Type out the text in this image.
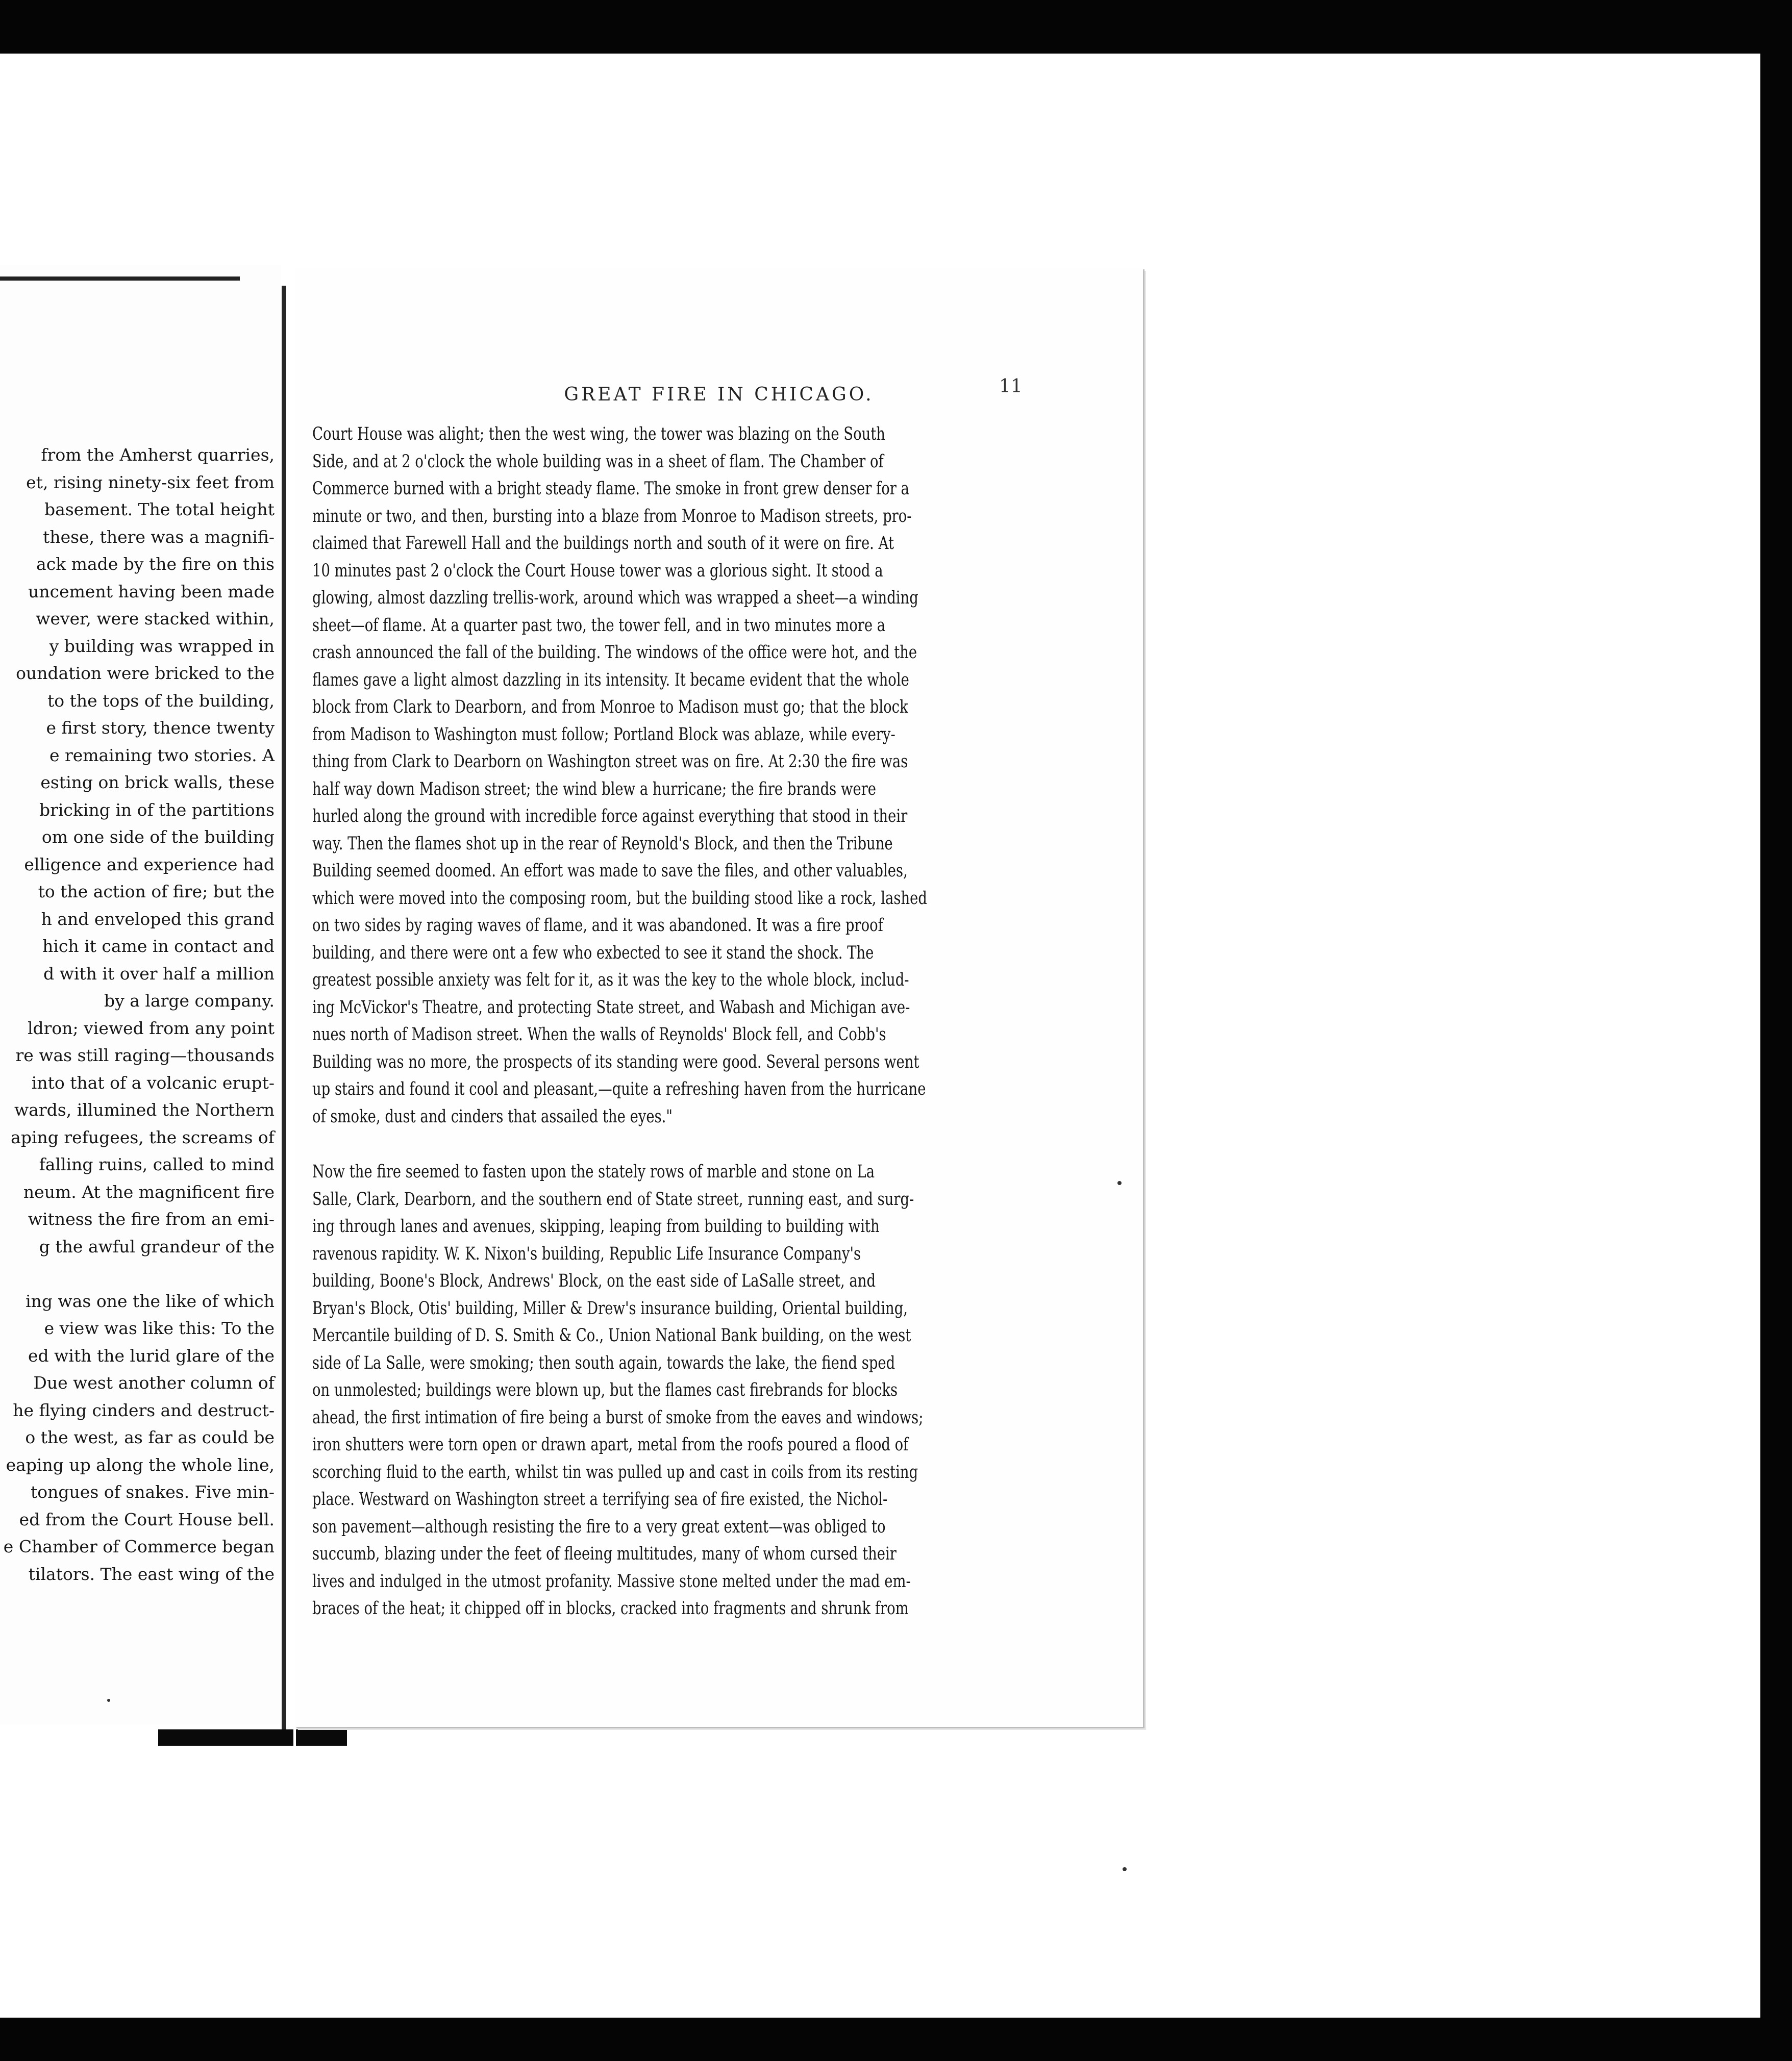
from the Amherst quarries,
et, rising ninety-six feet from
basement. The total height
these, there was a magnifi-
ack made by the fire on this
uncement having been made
wever, were stacked within,
y building was wrapped in
oundation were bricked to the
to the tops of the building,
e first story, thence twenty
e remaining two stories. A
esting on brick walls, these
bricking in of the partitions
om one side of the building
elligence and experience had
to the action of fire; but the
h and enveloped this grand
hich it came in contact and
d with it over half a million
by a large company.
ldron; viewed from any point
re was still raging—thousands
into that of a volcanic erupt-
wards, illumined the Northern
aping refugees, the screams of
falling ruins, called to mind
neum. At the magnificent fire
witness the fire from an emi-
g the awful grandeur of the
ing was one the like of which
e view was like this: To the
ed with the lurid glare of the
Due west another column of
he flying cinders and destruct-
o the west, as far as could be
eaping up along the whole line,
tongues of snakes. Five min-
ed from the Court House bell.
e Chamber of Commerce began
tilators. The east wing of the
GREAT FIRE IN CHICAGO.	11
Court House was alight; then the west wing, the tower was blazing on the South
Side, and at 2 o'clock the whole building was in a sheet of flam. The Chamber of
Commerce burned with a bright steady flame. The smoke in front grew denser for a
minute or two, and then, bursting into a blaze from Monroe to Madison streets, pro-
claimed that Farewell Hall and the buildings north and south of it were on fire. At
10 minutes past 2 o'clock the Court House tower was a glorious sight. It stood a
glowing, almost dazzling trellis-work, around which was wrapped a sheet—a winding
sheet—of flame. At a quarter past two, the tower fell, and in two minutes more a
crash announced the fall of the building. The windows of the office were hot, and the
flames gave a light almost dazzling in its intensity. It became evident that the whole
block from Clark to Dearborn, and from Monroe to Madison must go; that the block
from Madison to Washington must follow; Portland Block was ablaze, while every-
thing from Clark to Dearborn on Washington street was on fire. At 2:30 the fire was
half way down Madison street; the wind blew a hurricane; the fire brands were
hurled along the ground with incredible force against everything that stood in their
way. Then the flames shot up in the rear of Reynold's Block, and then the Tribune
Building seemed doomed. An effort was made to save the files, and other valuables,
which were moved into the composing room, but the building stood like a rock, lashed
on two sides by raging waves of flame, and it was abandoned. It was a fire proof
building, and there were ont a few who exbected to see it stand the shock. The
greatest possible anxiety was felt for it, as it was the key to the whole block, includ-
ing McVickor's Theatre, and protecting State street, and Wabash and Michigan ave-
nues north of Madison street. When the walls of Reynolds' Block fell, and Cobb's
Building was no more, the prospects of its standing were good. Several persons went
up stairs and found it cool and pleasant,—quite a refreshing haven from the hurricane
of smoke, dust and cinders that assailed the eyes."
Now the fire seemed to fasten upon the stately rows of marble and stone on La
Salle, Clark, Dearborn, and the southern end of State street, running east, and surg-
ing through lanes and avenues, skipping, leaping from building to building with
ravenous rapidity. W. K. Nixon's building, Republic Life Insurance Company's
building, Boone's Block, Andrews' Block, on the east side of LaSalle street, and
Bryan's Block, Otis' building, Miller & Drew's insurance building, Oriental building,
Mercantile building of D. S. Smith & Co., Union National Bank building, on the west
side of La Salle, were smoking; then south again, towards the lake, the fiend sped
on unmolested; buildings were blown up, but the flames cast firebrands for blocks
ahead, the first intimation of fire being a burst of smoke from the eaves and windows;
iron shutters were torn open or drawn apart, metal from the roofs poured a flood of
scorching fluid to the earth, whilst tin was pulled up and cast in coils from its resting
place. Westward on Washington street a terrifying sea of fire existed, the Nichol-
son pavement—although resisting the fire to a very great extent—was obliged to
succumb, blazing under the feet of fleeing multitudes, many of whom cursed their
lives and indulged in the utmost profanity. Massive stone melted under the mad em-
braces of the heat; it chipped off in blocks, cracked into fragments and shrunk from
